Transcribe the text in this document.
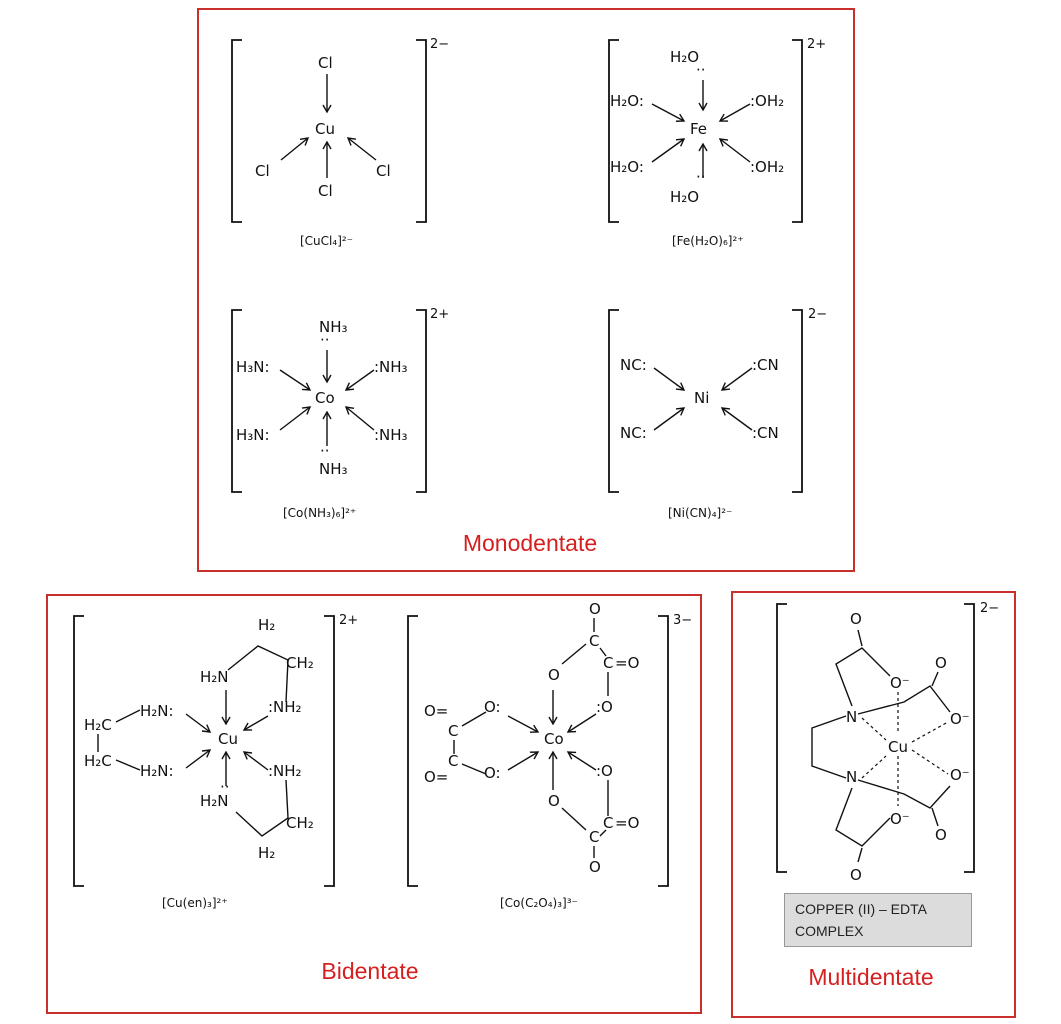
Monodentate
Bidentate	Multidentate
2−
Cl
Cu
Cl
Cl	Cl
[CuCl₄]²⁻
2+
H₂O
··
Fe
··
H₂O
H₂O:
H₂O:
:OH₂
:OH₂
[Fe(H₂O)₆]²⁺
2+
NH₃
··
Co
··
NH₃
H₃N:
H₃N:
:NH₃
:NH₃
[Co(NH₃)₆]²⁺
2−
NC:
NC:
Ni
:CN
:CN
[Ni(CN)₄]²⁻
2+
Cu
H₂
CH₂
H₂N
:NH₂
:NH₂
CH₂
H₂
H₂N
··
H₂N:
H₂N:
H₂C
H₂C
[Cu(en)₃]²⁺
3−
Co
O
C
=O
C
O
:O
O=
C
O=
C
O:
O:
O
C
O
C =O
:O
[Co(C₂O₄)₃]³⁻
2−
Cu
N
N
O
O⁻
O
O⁻
O⁻
O
O⁻
O
COPPER (II) – EDTA COMPLEX
